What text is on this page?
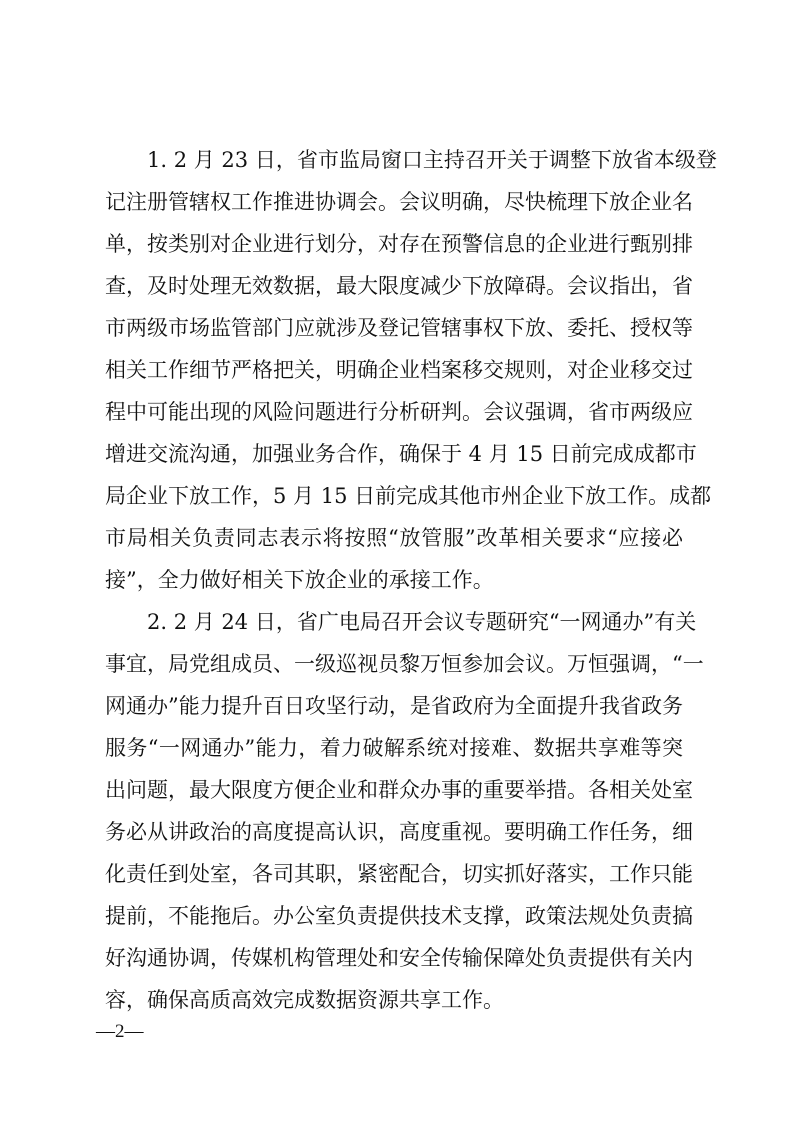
1. 2 月 23 日，省市监局窗口主持召开关于调整下放省本级登
记注册管辖权工作推进协调会。会议明确，尽快梳理下放企业名
单，按类别对企业进行划分，对存在预警信息的企业进行甄别排
查，及时处理无效数据，最大限度减少下放障碍。会议指出，省
市两级市场监管部门应就涉及登记管辖事权下放、委托、授权等
相关工作细节严格把关，明确企业档案移交规则，对企业移交过
程中可能出现的风险问题进行分析研判。会议强调，省市两级应
增进交流沟通，加强业务合作，确保于 4 月 15 日前完成成都市
局企业下放工作，5 月 15 日前完成其他市州企业下放工作。成都
市局相关负责同志表示将按照“放管服”改革相关要求“应接必
接”，全力做好相关下放企业的承接工作。
2. 2 月 24 日，省广电局召开会议专题研究“一网通办”有关
事宜，局党组成员、一级巡视员黎万恒参加会议。万恒强调，“一
网通办”能力提升百日攻坚行动，是省政府为全面提升我省政务
服务“一网通办”能力，着力破解系统对接难、数据共享难等突
出问题，最大限度方便企业和群众办事的重要举措。各相关处室
务必从讲政治的高度提高认识，高度重视。要明确工作任务，细
化责任到处室，各司其职，紧密配合，切实抓好落实，工作只能
提前，不能拖后。办公室负责提供技术支撑，政策法规处负责搞
好沟通协调，传媒机构管理处和安全传输保障处负责提供有关内
容，确保高质高效完成数据资源共享工作。
—2—
